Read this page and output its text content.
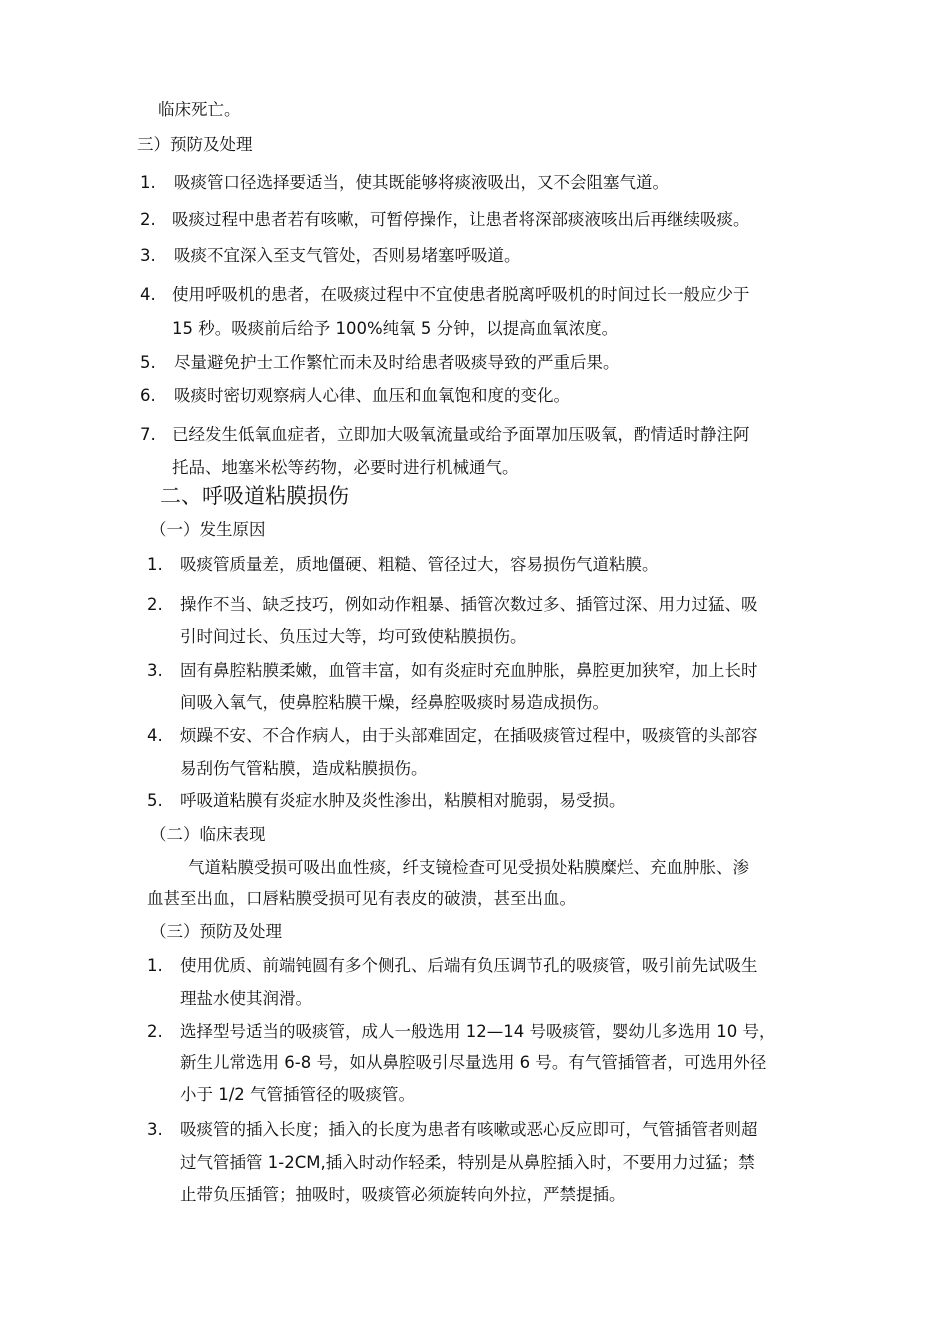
临床死亡。
三）预防及处理
1. 吸痰管口径选择要适当，使其既能够将痰液吸出，又不会阻塞气道。
2. 吸痰过程中患者若有咳嗽，可暂停操作，让患者将深部痰液咳出后再继续吸痰。
3. 吸痰不宜深入至支气管处，否则易堵塞呼吸道。
4. 使用呼吸机的患者，在吸痰过程中不宜使患者脱离呼吸机的时间过长一般应少于
15 秒。吸痰前后给予 100%纯氧 5 分钟，以提高血氧浓度。
5. 尽量避免护士工作繁忙而未及时给患者吸痰导致的严重后果。
6. 吸痰时密切观察病人心律、血压和血氧饱和度的变化。
7. 已经发生低氧血症者，立即加大吸氧流量或给予面罩加压吸氧，酌情适时静注阿
托品、地塞米松等药物，必要时进行机械通气。
二、呼吸道粘膜损伤
（一）发生原因
1. 吸痰管质量差，质地僵硬、粗糙、管径过大，容易损伤气道粘膜。
2. 操作不当、缺乏技巧，例如动作粗暴、插管次数过多、插管过深、用力过猛、吸
引时间过长、负压过大等，均可致使粘膜损伤。
3. 固有鼻腔粘膜柔嫩，血管丰富，如有炎症时充血肿胀，鼻腔更加狭窄，加上长时
间吸入氧气，使鼻腔粘膜干燥，经鼻腔吸痰时易造成损伤。
4. 烦躁不安、不合作病人，由于头部难固定，在插吸痰管过程中，吸痰管的头部容
易刮伤气管粘膜，造成粘膜损伤。
5. 呼吸道粘膜有炎症水肿及炎性渗出，粘膜相对脆弱，易受损。
（二）临床表现
气道粘膜受损可吸出血性痰，纤支镜检查可见受损处粘膜糜烂、充血肿胀、渗
血甚至出血，口唇粘膜受损可见有表皮的破溃，甚至出血。
（三）预防及处理
1. 使用优质、前端钝圆有多个侧孔、后端有负压调节孔的吸痰管，吸引前先试吸生
理盐水使其润滑。
2. 选择型号适当的吸痰管，成人一般选用 12—14 号吸痰管，婴幼儿多选用 10 号，
新生儿常选用 6-8 号，如从鼻腔吸引尽量选用 6 号。有气管插管者，可选用外径
小于 1/2 气管插管径的吸痰管。
3. 吸痰管的插入长度；插入的长度为患者有咳嗽或恶心反应即可，气管插管者则超
过气管插管 1-2CM,插入时动作轻柔，特别是从鼻腔插入时，不要用力过猛；禁
止带负压插管；抽吸时，吸痰管必须旋转向外拉，严禁提插。
